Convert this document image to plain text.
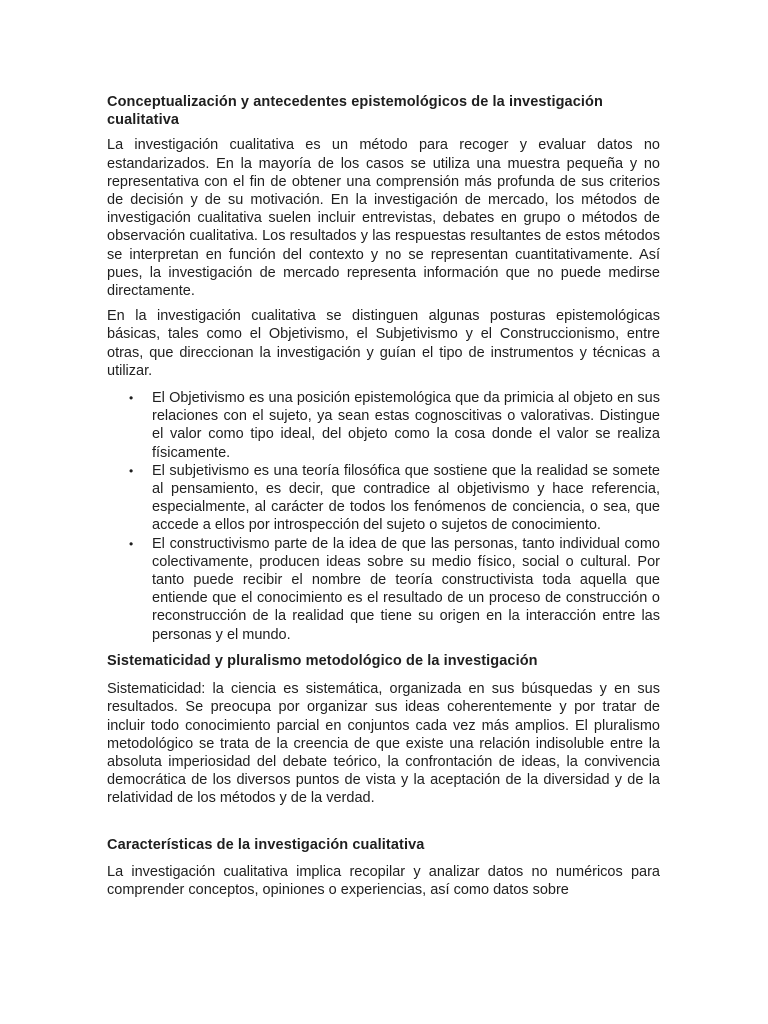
Conceptualización y antecedentes epistemológicos de la investigación cualitativa

La investigación cualitativa es un método para recoger y evaluar datos no estandarizados. En la mayoría de los casos se utiliza una muestra pequeña y no representativa con el fin de obtener una comprensión más profunda de sus criterios de decisión y de su motivación. En la investigación de mercado, los métodos de investigación cualitativa suelen incluir entrevistas, debates en grupo o métodos de observación cualitativa. Los resultados y las respuestas resultantes de estos métodos se interpretan en función del contexto y no se representan cuantitativamente. Así pues, la investigación de mercado representa información que no puede medirse directamente.

En la investigación cualitativa se distinguen algunas posturas epistemológicas básicas, tales como el Objetivismo, el Subjetivismo y el Construccionismo, entre otras, que direccionan la investigación y guían el tipo de instrumentos y técnicas a utilizar.

• El Objetivismo es una posición epistemológica que da primicia al objeto en sus relaciones con el sujeto, ya sean estas cognoscitivas o valorativas. Distingue el valor como tipo ideal, del objeto como la cosa donde el valor se realiza físicamente.
• El subjetivismo es una teoría filosófica que sostiene que la realidad se somete al pensamiento, es decir, que contradice al objetivismo y hace referencia, especialmente, al carácter de todos los fenómenos de conciencia, o sea, que accede a ellos por introspección del sujeto o sujetos de conocimiento.
• El constructivismo parte de la idea de que las personas, tanto individual como colectivamente, producen ideas sobre su medio físico, social o cultural. Por tanto puede recibir el nombre de teoría constructivista toda aquella que entiende que el conocimiento es el resultado de un proceso de construcción o reconstrucción de la realidad que tiene su origen en la interacción entre las personas y el mundo.
Sistematicidad y pluralismo metodológico de la investigación

Sistematicidad: la ciencia es sistemática, organizada en sus búsquedas y en sus resultados. Se preocupa por organizar sus ideas coherentemente y por tratar de incluir todo conocimiento parcial en conjuntos cada vez más amplios. El pluralismo metodológico se trata de la creencia de que existe una relación indisoluble entre la absoluta imperiosidad del debate teórico, la confrontación de ideas, la convivencia democrática de los diversos puntos de vista y la aceptación de la diversidad y de la relatividad de los métodos y de la verdad.

Características de la investigación cualitativa

La investigación cualitativa implica recopilar y analizar datos no numéricos para comprender conceptos, opiniones o experiencias, así como datos sobre
